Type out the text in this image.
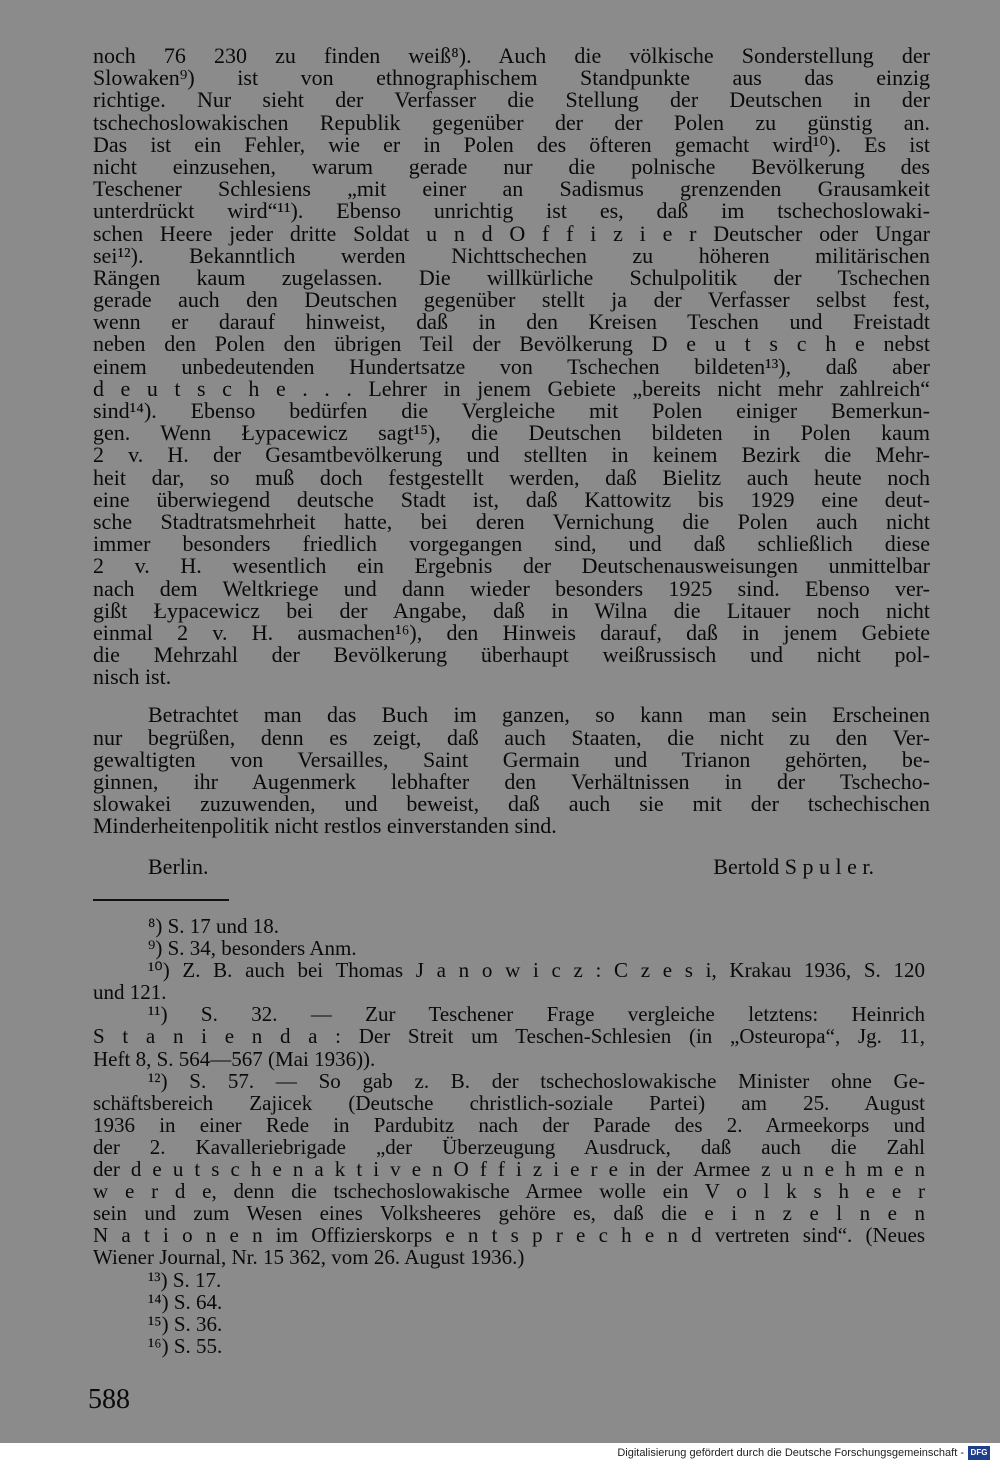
noch 76 230 zu finden weiß⁸). Auch die völkische Sonderstellung der
Slowaken⁹) ist von ethnographischem Standpunkte aus das einzig
richtige. Nur sieht der Verfasser die Stellung der Deutschen in der
tschechoslowakischen Republik gegenüber der der Polen zu günstig an.
Das ist ein Fehler, wie er in Polen des öfteren gemacht wird¹⁰). Es ist
nicht einzusehen, warum gerade nur die polnische Bevölkerung des
Teschener Schlesiens „mit einer an Sadismus grenzenden Grausamkeit
unterdrückt wird“¹¹). Ebenso unrichtig ist es, daß im tschechoslowaki-
schen Heere jeder dritte Soldat u n d O f f i z i e r Deutscher oder Ungar
sei¹²). Bekanntlich werden Nichttschechen zu höheren militärischen
Rängen kaum zugelassen. Die willkürliche Schulpolitik der Tschechen
gerade auch den Deutschen gegenüber stellt ja der Verfasser selbst fest,
wenn er darauf hinweist, daß in den Kreisen Teschen und Freistadt
neben den Polen den übrigen Teil der Bevölkerung D e u t s c h e nebst
einem unbedeutenden Hundertsatze von Tschechen bildeten¹³), daß aber
d e u t s c h e . . . Lehrer in jenem Gebiete „bereits nicht mehr zahlreich“
sind¹⁴). Ebenso bedürfen die Vergleiche mit Polen einiger Bemerkun-
gen. Wenn Łypacewicz sagt¹⁵), die Deutschen bildeten in Polen kaum
2 v. H. der Gesamtbevölkerung und stellten in keinem Bezirk die Mehr-
heit dar, so muß doch festgestellt werden, daß Bielitz auch heute noch
eine überwiegend deutsche Stadt ist, daß Kattowitz bis 1929 eine deut-
sche Stadtratsmehrheit hatte, bei deren Vernichung die Polen auch nicht
immer besonders friedlich vorgegangen sind, und daß schließlich diese
2 v. H. wesentlich ein Ergebnis der Deutschenausweisungen unmittelbar
nach dem Weltkriege und dann wieder besonders 1925 sind. Ebenso ver-
gißt Łypacewicz bei der Angabe, daß in Wilna die Litauer noch nicht
einmal 2 v. H. ausmachen¹⁶), den Hinweis darauf, daß in jenem Gebiete
die Mehrzahl der Bevölkerung überhaupt weißrussisch und nicht pol-
nisch ist.
Betrachtet man das Buch im ganzen, so kann man sein Erscheinen
nur begrüßen, denn es zeigt, daß auch Staaten, die nicht zu den Ver-
gewaltigten von Versailles, Saint Germain und Trianon gehörten, be-
ginnen, ihr Augenmerk lebhafter den Verhältnissen in der Tschecho-
slowakei zuzuwenden, und beweist, daß auch sie mit der tschechischen
Minderheitenpolitik nicht restlos einverstanden sind.
Berlin.	Bertold S p u l e r.
⁸) S. 17 und 18.
⁹) S. 34, besonders Anm.
¹⁰) Z. B. auch bei Thomas J a n o w i c z : C z e s i, Krakau 1936, S. 120
und 121.
¹¹) S. 32. — Zur Teschener Frage vergleiche letztens: Heinrich
S t a n i e n d a : Der Streit um Teschen-Schlesien (in „Osteuropa“, Jg. 11,
Heft 8, S. 564—567 (Mai 1936)).
¹²) S. 57. — So gab z. B. der tschechoslowakische Minister ohne Ge-
schäftsbereich Zajicek (Deutsche christlich-soziale Partei) am 25. August
1936 in einer Rede in Pardubitz nach der Parade des 2. Armeekorps und
der 2. Kavalleriebrigade „der Überzeugung Ausdruck, daß auch die Zahl
der d e u t s c h e n a k t i v e n O f f i z i e r e in der Armee z u n e h m e n
w e r d e, denn die tschechoslowakische Armee wolle ein V o l k s h e e r
sein und zum Wesen eines Volksheeres gehöre es, daß die e i n z e l n e n
N a t i o n e n im Offizierskorps e n t s p r e c h e n d vertreten sind“. (Neues
Wiener Journal, Nr. 15 362, vom 26. August 1936.)
¹³) S. 17.
¹⁴) S. 64.
¹⁵) S. 36.
¹⁶) S. 55.
588
Digitalisierung gefördert durch die Deutsche Forschungsgemeinschaft - DFG
